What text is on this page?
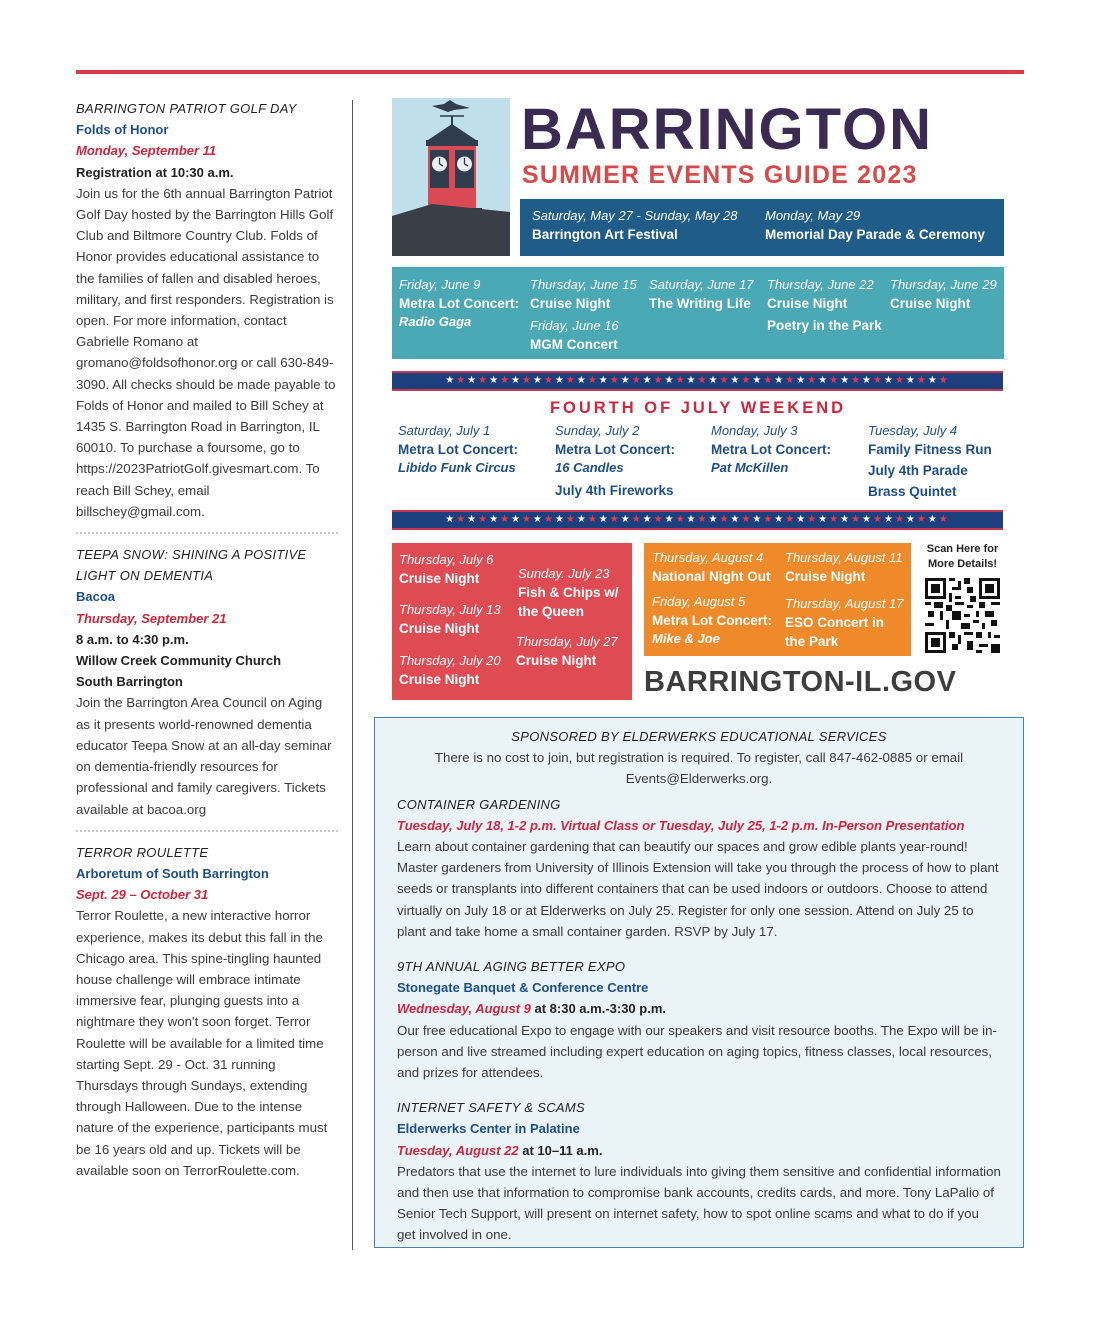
BARRINGTON PATRIOT GOLF DAY
Folds of Honor
Monday, September 11
Registration at 10:30 a.m.
Join us for the 6th annual Barrington Patriot Golf Day hosted by the Barrington Hills Golf Club and Biltmore Country Club. Folds of Honor provides educational assistance to the families of fallen and disabled heroes, military, and first responders. Registration is open. For more information, contact Gabrielle Romano at gromano@foldsofhonor.org or call 630-849-3090. All checks should be made payable to Folds of Honor and mailed to Bill Schey at 1435 S. Barrington Road in Barrington, IL 60010. To purchase a foursome, go to https://2023PatriotGolf.givesmart.com. To reach Bill Schey, email billschey@gmail.com.
TEEPA SNOW: SHINING A POSITIVE LIGHT ON DEMENTIA
Bacoa
Thursday, September 21
8 a.m. to 4:30 p.m.
Willow Creek Community Church
South Barrington
Join the Barrington Area Council on Aging as it presents world-renowned dementia educator Teepa Snow at an all-day seminar on dementia-friendly resources for professional and family caregivers. Tickets available at bacoa.org
TERROR ROULETTE
Arboretum of South Barrington
Sept. 29 – October 31
Terror Roulette, a new interactive horror experience, makes its debut this fall in the Chicago area. This spine-tingling haunted house challenge will embrace intimate immersive fear, plunging guests into a nightmare they won't soon forget. Terror Roulette will be available for a limited time starting Sept. 29 - Oct. 31 running Thursdays through Sundays, extending through Halloween. Due to the intense nature of the experience, participants must be 16 years old and up. Tickets will be available soon on TerrorRoulette.com.
BARRINGTON
SUMMER EVENTS GUIDE 2023
Saturday, May 27 - Sunday, May 28
Barrington Art Festival
Monday, May 29
Memorial Day Parade & Ceremony
Friday, June 9
Metra Lot Concert:
Radio Gaga
Thursday, June 15
Cruise Night
Friday, June 16
MGM Concert
Saturday, June 17
The Writing Life
Thursday, June 22
Cruise Night
Poetry in the Park
Thursday, June 29
Cruise Night
★★★★★★★★★★★★★★★★★★★★★★★★★★★★★★★★★★★★★★★★★★★★★★
FOURTH OF JULY WEEKEND
Saturday, July 1
Metra Lot Concert:
Libido Funk Circus
Sunday, July 2
Metra Lot Concert:
16 Candles
July 4th Fireworks
Monday, July 3
Metra Lot Concert:
Pat McKillen
Tuesday, July 4
Family Fitness Run
July 4th Parade
Brass Quintet
★★★★★★★★★★★★★★★★★★★★★★★★★★★★★★★★★★★★★★★★★★★★★★
Thursday, July 6
Cruise Night
Thursday, July 13
Cruise Night
Thursday, July 20
Cruise Night
Sunday. July 23
Fish & Chips w/
the Queen
Thursday, July 27
Cruise Night
Thursday, August 4
National Night Out
Friday, August 5
Metra Lot Concert:
Mike & Joe
Thursday, August 11
Cruise Night
Thursday, August 17
ESO Concert in
the Park
Scan Here for
More Details!
BARRINGTON-IL.GOV
SPONSORED BY ELDERWERKS EDUCATIONAL SERVICES
There is no cost to join, but registration is required. To register, call 847-462-0885 or email Events@Elderwerks.org.
CONTAINER GARDENING
Tuesday, July 18, 1-2 p.m. Virtual Class or Tuesday, July 25, 1-2 p.m. In-Person Presentation
Learn about container gardening that can beautify our spaces and grow edible plants year-round! Master gardeners from University of Illinois Extension will take you through the process of how to plant seeds or transplants into different containers that can be used indoors or outdoors. Choose to attend virtually on July 18 or at Elderwerks on July 25. Register for only one session. Attend on July 25 to plant and take home a small container garden. RSVP by July 17.
9TH ANNUAL AGING BETTER EXPO
Stonegate Banquet & Conference Centre
Wednesday, August 9 at 8:30 a.m.-3:30 p.m.
Our free educational Expo to engage with our speakers and visit resource booths. The Expo will be in-person and live streamed including expert education on aging topics, fitness classes, local resources, and prizes for attendees.
INTERNET SAFETY & SCAMS
Elderwerks Center in Palatine
Tuesday, August 22 at 10–11 a.m.
Predators that use the internet to lure individuals into giving them sensitive and confidential information and then use that information to compromise bank accounts, credits cards, and more. Tony LaPalio of Senior Tech Support, will present on internet safety, how to spot online scams and what to do if you get involved in one.
